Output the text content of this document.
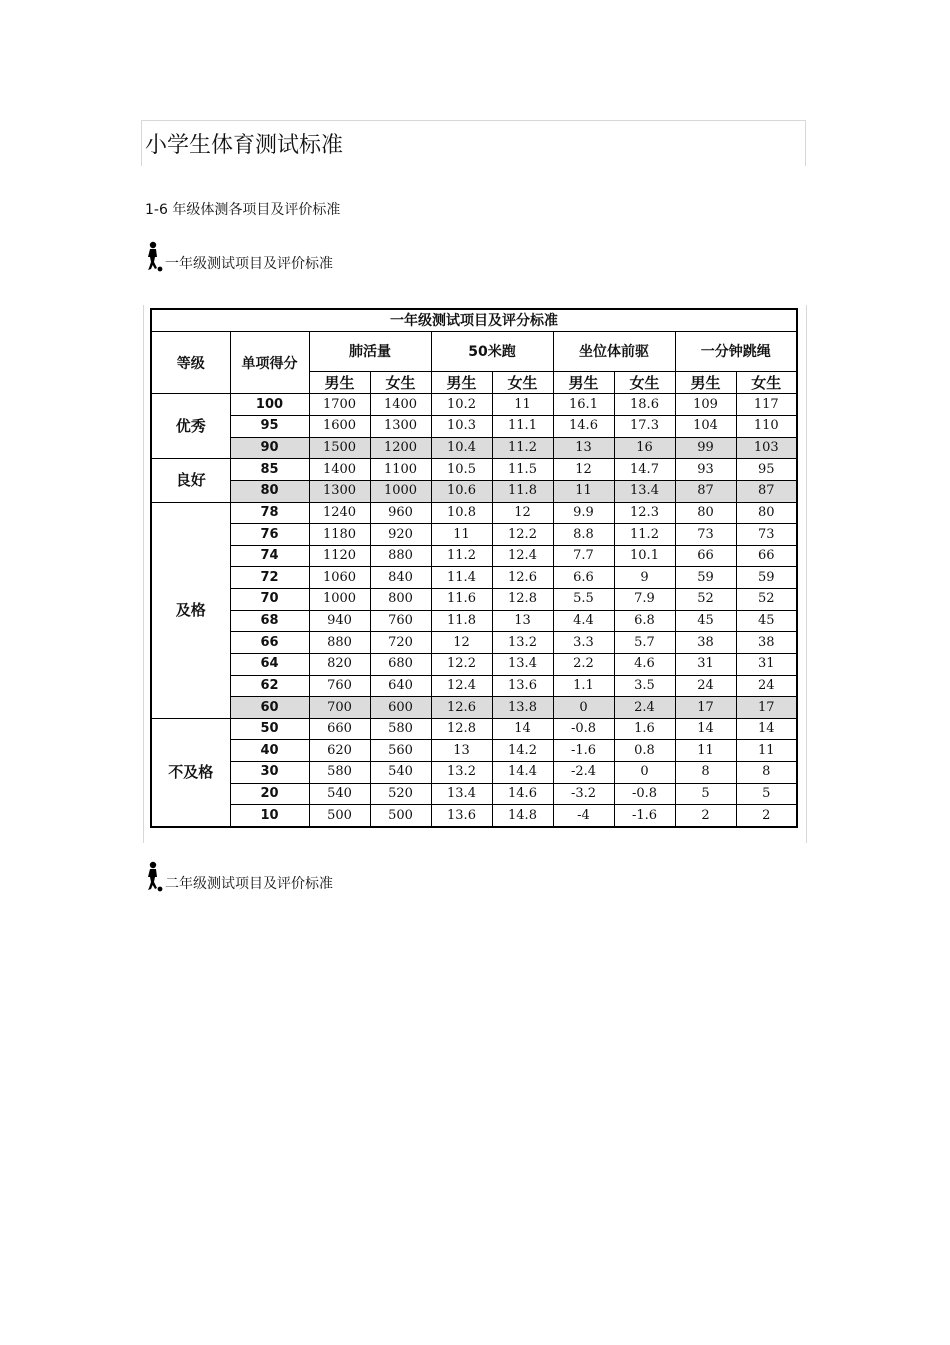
小学生体育测试标准
1-6 年级体测各项目及评价标准
一年级测试项目及评价标准
一年级测试项目及评分标准									
等级	单项得分	肺活量		50米跑		坐位体前驱		一分钟跳绳	
		男生	女生	男生	女生	男生	女生	男生	女生
优秀	100	1700	1400	10.2	11	16.1	18.6	109	117
	95	1600	1300	10.3	11.1	14.6	17.3	104	110
	90	1500	1200	10.4	11.2	13	16	99	103
良好	85	1400	1100	10.5	11.5	12	14.7	93	95
	80	1300	1000	10.6	11.8	11	13.4	87	87
及格	78	1240	960	10.8	12	9.9	12.3	80	80
	76	1180	920	11	12.2	8.8	11.2	73	73
	74	1120	880	11.2	12.4	7.7	10.1	66	66
	72	1060	840	11.4	12.6	6.6	9	59	59
	70	1000	800	11.6	12.8	5.5	7.9	52	52
	68	940	760	11.8	13	4.4	6.8	45	45
	66	880	720	12	13.2	3.3	5.7	38	38
	64	820	680	12.2	13.4	2.2	4.6	31	31
	62	760	640	12.4	13.6	1.1	3.5	24	24
	60	700	600	12.6	13.8	0	2.4	17	17
不及格	50	660	580	12.8	14	-0.8	1.6	14	14
	40	620	560	13	14.2	-1.6	0.8	11	11
	30	580	540	13.2	14.4	-2.4	0	8	8
	20	540	520	13.4	14.6	-3.2	-0.8	5	5
	10	500	500	13.6	14.8	-4	-1.6	2	2
二年级测试项目及评价标准
